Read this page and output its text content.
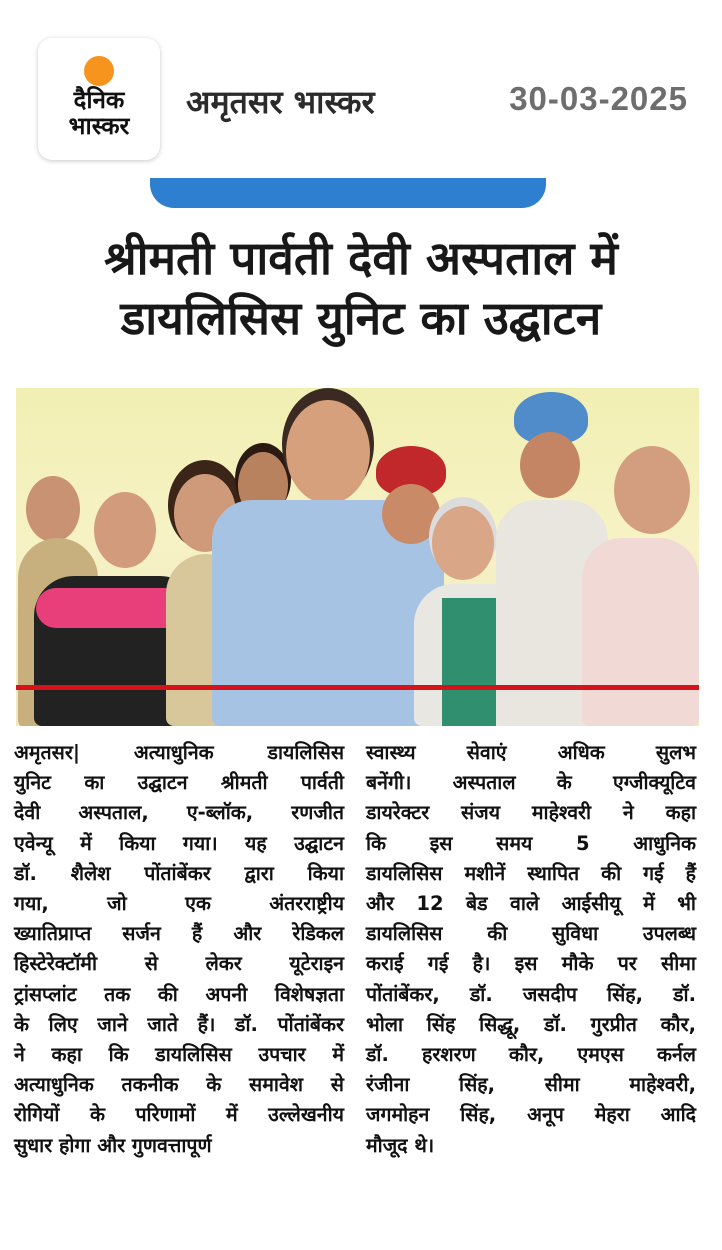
दैनिक
भास्कर
अमृतसर भास्कर	30-03-2025
श्रीमती पार्वती देवी अस्पताल में
डायलिसिस युनिट का उद्घाटन
अमृतसर| अत्याधुनिक डायलिसिस
युनिट का उद्घाटन श्रीमती पार्वती
देवी अस्पताल, ए-ब्लॉक, रणजीत
एवेन्यू में किया गया। यह उद्घाटन
डॉ. शैलेश पोंतांबेंकर द्वारा किया
गया, जो एक अंतरराष्ट्रीय
ख्यातिप्राप्त सर्जन हैं और रेडिकल
हिस्टेरेक्टॉमी से लेकर यूटेराइन
ट्रांसप्लांट तक की अपनी विशेषज्ञता
के लिए जाने जाते हैं। डॉ. पोंतांबेंकर
ने कहा कि डायलिसिस उपचार में
अत्याधुनिक तकनीक के समावेश से
रोगियों के परिणामों में उल्लेखनीय
सुधार होगा और गुणवत्तापूर्ण
स्वास्थ्य सेवाएं अधिक सुलभ
बनेंगी। अस्पताल के एग्जीक्यूटिव
डायरेक्टर संजय माहेश्वरी ने कहा
कि इस समय 5 आधुनिक
डायलिसिस मशीनें स्थापित की गई हैं
और 12 बेड वाले आईसीयू में भी
डायलिसिस की सुविधा उपलब्ध
कराई गई है। इस मौके पर सीमा
पोंतांबेंकर, डॉ. जसदीप सिंह, डॉ.
भोला सिंह सिद्धू, डॉ. गुरप्रीत कौर,
डॉ. हरशरण कौर, एमएस कर्नल
रंजीना सिंह, सीमा माहेश्वरी,
जगमोहन सिंह, अनूप मेहरा आदि
मौजूद थे।
